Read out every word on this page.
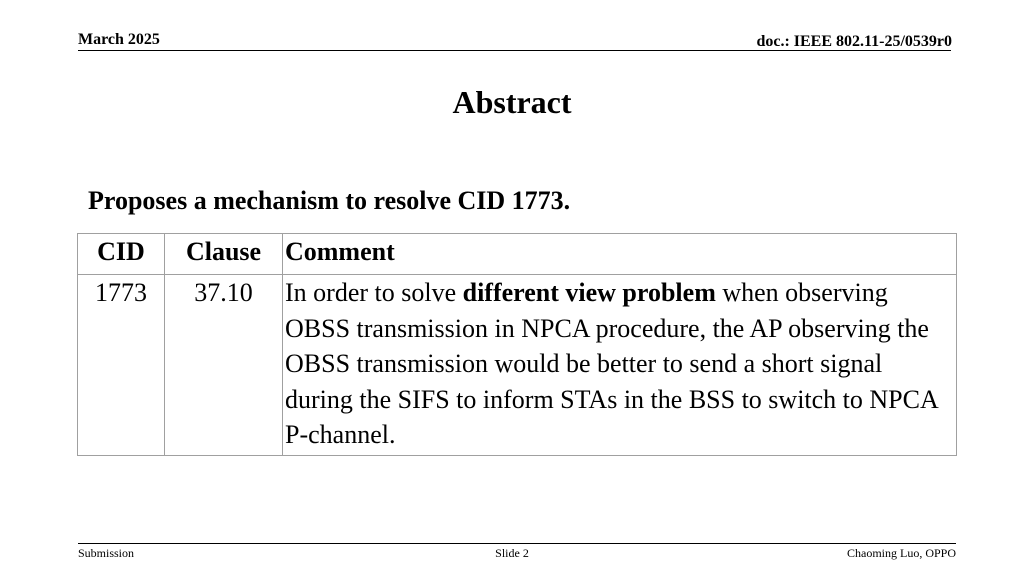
March 2025	doc.: IEEE 802.11-25/0539r0
Abstract
Proposes a mechanism to resolve CID 1773.
CID	Clause	Comment
1773	37.10	In order to solve different view problem when observing OBSS transmission in NPCA procedure, the AP observing the OBSS transmission would be better to send a short signal during the SIFS to inform STAs in the BSS to switch to NPCA P-channel.
Submission	Slide 2	Chaoming Luo, OPPO
